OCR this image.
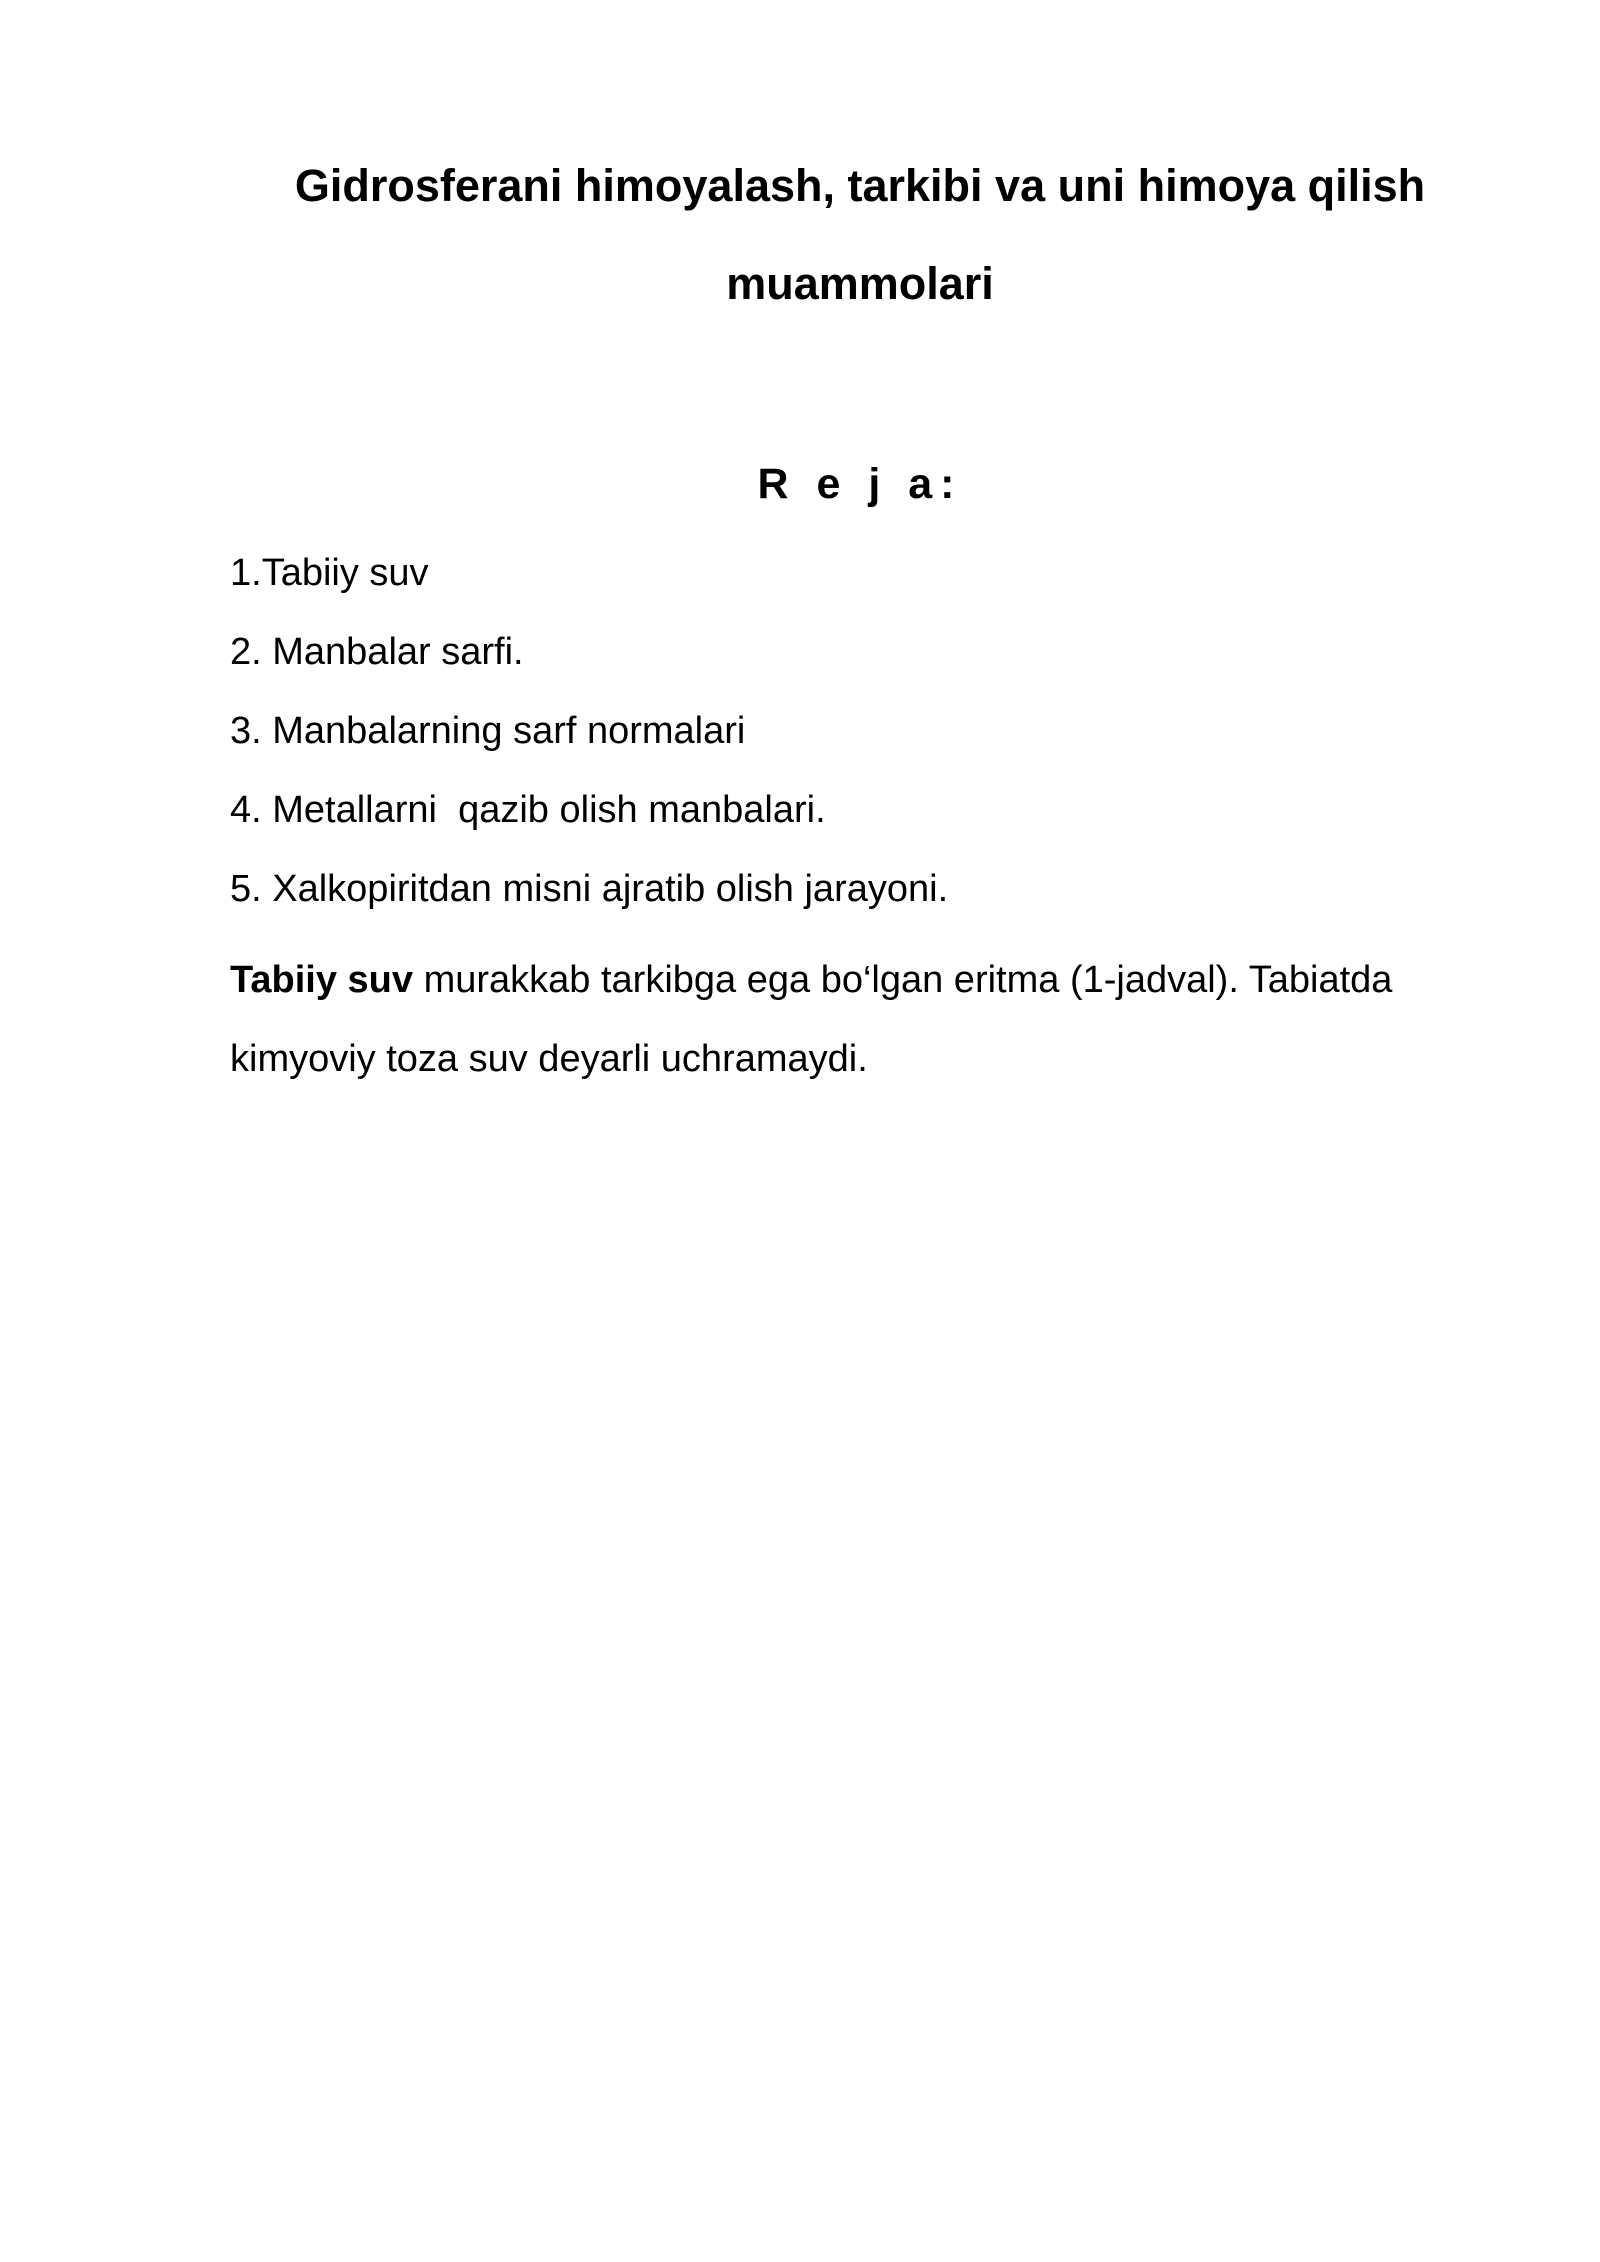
Gidrosferani himoyalash, tarkibi va uni himoya qilish
muammolari
R e j a:
1.Tabiiy suv
2. Manbalar sarfi.
3. Manbalarning sarf normalari
4. Metallarni  qazib olish manbalari.
5. Xalkopiritdan misni ajratib olish jarayoni.

Tabiiy suv murakkab tarkibga ega bo‘lgan eritma (1-jadval). Tabiatda kimyoviy toza suv deyarli uchramaydi.
